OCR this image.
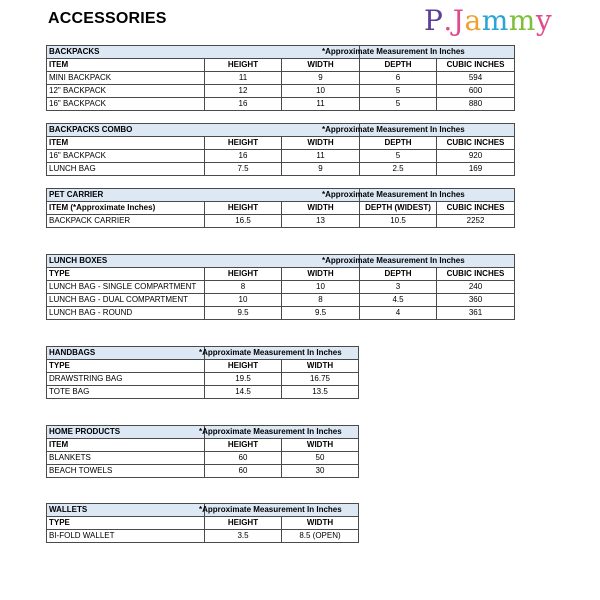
ACCESSORIES	P.Jammy
BACKPACKS			*Approximate Measurement In Inches	
ITEM	HEIGHT	WIDTH	DEPTH	CUBIC INCHES
MINI BACKPACK	11	9	6	594
12" BACKPACK	12	10	5	600
16" BACKPACK	16	11	5	880
BACKPACKS COMBO			*Approximate Measurement In Inches	
ITEM	HEIGHT	WIDTH	DEPTH	CUBIC INCHES
16" BACKPACK	16	11	5	920
LUNCH BAG	7.5	9	2.5	169
PET CARRIER			*Approximate Measurement In Inches	
ITEM (*Approximate Inches)	HEIGHT	WIDTH	DEPTH (WIDEST)	CUBIC INCHES
BACKPACK CARRIER	16.5	13	10.5	2252
LUNCH BOXES			*Approximate Measurement In Inches	
TYPE	HEIGHT	WIDTH	DEPTH	CUBIC INCHES
LUNCH BAG - SINGLE COMPARTMENT	8	10	3	240
LUNCH BAG - DUAL COMPARTMENT	10	8	4.5	360
LUNCH BAG - ROUND	9.5	9.5	4	361
HANDBAGS	*Approximate Measurement In Inches	
TYPE	HEIGHT	WIDTH
DRAWSTRING BAG	19.5	16.75
TOTE BAG	14.5	13.5
HOME PRODUCTS	*Approximate Measurement In Inches	
ITEM	HEIGHT	WIDTH
BLANKETS	60	50
BEACH TOWELS	60	30
WALLETS	*Approximate Measurement In Inches	
TYPE	HEIGHT	WIDTH
BI-FOLD WALLET	3.5	8.5 (OPEN)
